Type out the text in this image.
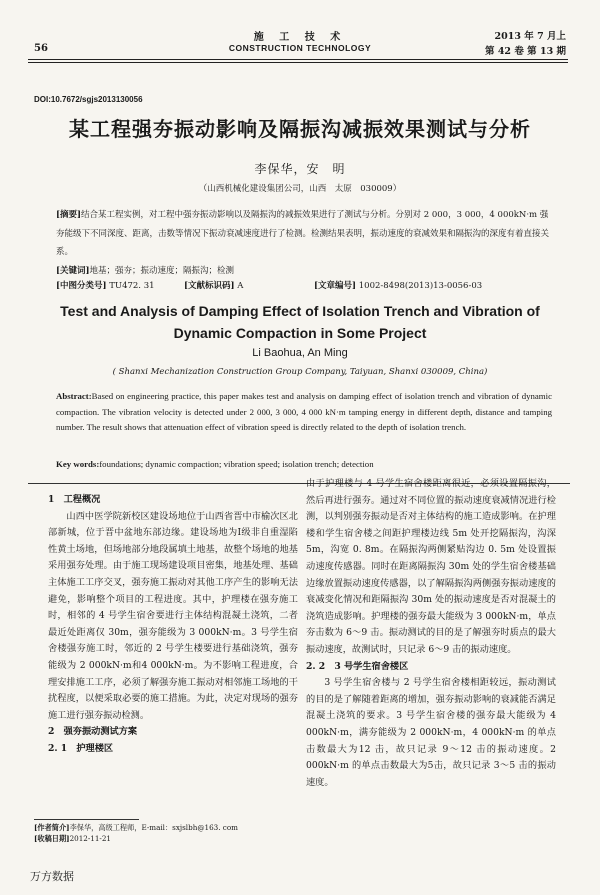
施 工 技 术	2013 年 7 月上
56	CONSTRUCTION TECHNOLOGY	第 42 卷 第 13 期
DOI:10.7672/sgjs2013130056
某工程强夯振动影响及隔振沟减振效果测试与分析
李保华，安　明
（山西机械化建设集团公司，山西　太原　030009）
[摘要]结合某工程实例，对工程中强夯振动影响以及隔振沟的减振效果进行了测试与分析。分别对 2 000，3 000，4 000kN·m 强夯能级下不同深度、距离，击数等情况下振动衰减速度进行了检测。检测结果表明，振动速度的衰减效果和隔振沟的深度有着直接关系。
[关键词]地基；强夯；振动速度；隔振沟；检测
[中图分类号] TU472. 31	[文献标识码] A	[文章编号] 1002-8498(2013)13-0056-03
Test and Analysis of Damping Effect of Isolation Trench and Vibration of Dynamic Compaction in Some Project
Li Baohua, An Ming
( Shanxi Mechanization Construction Group Company, Taiyuan, Shanxi 030009, China)
Abstract:Based on engineering practice, this paper makes test and analysis on damping effect of isolation trench and vibration of dynamic compaction. The vibration velocity is detected under 2 000, 3 000, 4 000 kN·m tamping energy in different depth, distance and tamping number. The result shows that attenuation effect of vibration speed is directly related to the depth of isolation trench.
Key words:foundations; dynamic compaction; vibration speed; isolation trench; detection

1　工程概况

山西中医学院新校区建设场地位于山西省晋中市榆次区北部新城，位于晋中盆地东部边缘。建设场地为Ⅰ级非自重湿陷性黄土场地，但场地部分地段属填土地基，故整个场地的地基采用强夯处理。由于施工现场建设项目密集，地基处理、基础主体施工工序交叉，强夯施工振动对其他工序产生的影响无法避免，影响整个项目的工程进度。其中，护理楼在强夯施工时，相邻的 4 号学生宿舍要进行主体结构混凝土浇筑，二者最近处距离仅 30m，强夯能级为 3 000kN·m。3 号学生宿舍楼强夯施工时，邻近的 2 号学生楼要进行基础浇筑，强夯能级为 2 000kN·m和4 000kN·m。为不影响工程进度，合理安排施工工序，必须了解强夯施工振动对相邻施工场地的干扰程度，以便采取必要的施工措施。为此，决定对现场的强夯施工进行强夯振动检测。

2　强夯振动测试方案

2. 1　护理楼区

由于护理楼与 4 号学生宿舍楼距离很近，必须设置隔振沟，然后再进行强夯。通过对不同位置的振动速度衰减情况进行检测，以判别强夯振动是否对主体结构的施工造成影响。在护理楼和学生宿舍楼之间距护理楼边线 5m 处开挖隔振沟，沟深 5m，沟宽 0. 8m。在隔振沟两侧紧贴沟边 0. 5m 处设置振动速度传感器。同时在距离隔振沟 30m 处的学生宿舍楼基础边缘放置振动速度传感器，以了解隔振沟两侧强夯振动速度的衰减变化情况和距隔振沟 30m 处的振动速度是否对混凝土的浇筑造成影响。护理楼的强夯最大能级为 3 000kN·m，单点夯击数为 6～9 击。振动测试的目的是了解强夯时质点的最大振动速度，故测试时，只记录 6～9 击的振动速度。

2. 2　3 号学生宿舍楼区

3 号学生宿舍楼与 2 号学生宿舍楼相距较远，振动测试的目的是了解随着距离的增加，强夯振动影响的衰减能否满足混凝土浇筑的要求。3 号学生宿舍楼的强夯最大能级为 4 000kN·m，满夯能级为 2 000kN·m，4 000kN·m 的单点击数最大为12 击，故只记录 9～12 击的振动速度。2 000kN·m 的单点击数最大为5击，故只记录 3～5 击的振动速度。

[作者简介]李保华，高级工程师，E-mail：sxjslbh@163. com
[收稿日期]2012-11-21
万方数据
